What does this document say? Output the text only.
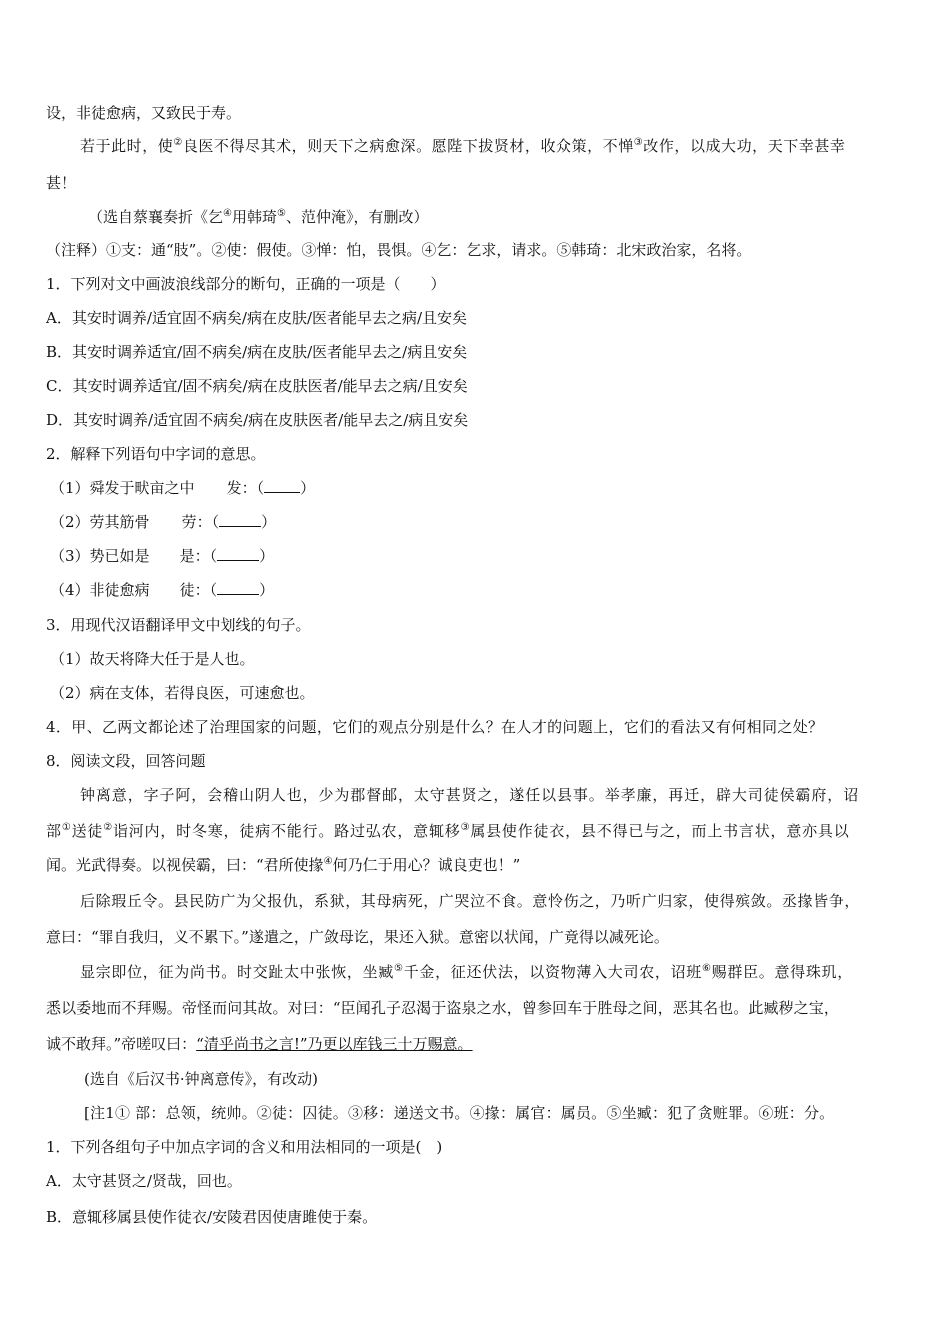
设，非徒愈病，又致民于寿。
若于此时，使②良医不得尽其术，则天下之病愈深。愿陛下拔贤材，收众策，不惮③改作，以成大功，天下幸甚幸
甚！
（选自蔡襄奏折《乞④用韩琦⑤、范仲淹》，有删改）
（注释）①支：通“肢”。②使：假使。③惮：怕，畏惧。④乞：乞求，请求。⑤韩琦：北宋政治家，名将。
1．下列对文中画波浪线部分的断句，正确的一项是（　　）
A．其安时调养/适宜固不病矣/病在皮肤/医者能早去之病/且安矣
B．其安时调养适宜/固不病矣/病在皮肤/医者能早去之/病且安矣
C．其安时调养适宜/固不病矣/病在皮肤医者/能早去之病/且安矣
D．其安时调养/适宜固不病矣/病在皮肤医者/能早去之/病且安矣
2．解释下列语句中字词的意思。
（1）舜发于畎亩之中 发：（ ）
（2）劳其筋骨 劳：（	）
（3）势已如是 是：（	）
（4）非徒愈病 徒：（	）
3．用现代汉语翻译甲文中划线的句子。
（1）故天将降大任于是人也。
（2）病在支体，若得良医，可速愈也。
4．甲、乙两文都论述了治理国家的问题，它们的观点分别是什么？在人才的问题上，它们的看法又有何相同之处？
8．阅读文段，回答问题
钟离意，字子阿，会稽山阴人也，少为郡督邮，太守甚贤之，遂任以县事。举孝廉，再迁，辟大司徒侯霸府，诏
部①送徒②诣河内，时冬寒，徒病不能行。路过弘农，意辄移③属县使作徒衣，县不得已与之，而上书言状，意亦具以
闻。光武得奏。以视侯霸，曰：“君所使掾④何乃仁于用心？诚良吏也！”
后除瑕丘令。县民防广为父报仇，系狱，其母病死，广哭泣不食。意怜伤之，乃听广归家，使得殡敛。丞掾皆争，
意曰：“罪自我归，义不累下。”遂遣之，广敛母讫，果还入狱。意密以状闻，广竟得以减死论。
显宗即位，征为尚书。时交趾太中张恢，坐臧⑤千金，征还伏法，以资物薄入大司农，诏班⑥赐群臣。意得珠玑，
悉以委地而不拜赐。帝怪而问其故。对曰：“臣闻孔子忍渴于盗泉之水，曾参回车于胜母之间，恶其名也。此臧秽之宝，
诚不敢拜。”帝嗟叹曰：“清乎尚书之言!”乃更以库钱三十万赐意。
(选自《后汉书·钟离意传》，有改动)
[注1① 部：总领，统帅。②徒：囚徒。③移：递送文书。④掾：属官：属员。⑤坐臧：犯了贪赃罪。⑥班：分。
1．下列各组句子中加点字词的含义和用法相同的一项是(　)
A．太守甚贤之/贤哉，回也。
B．意辄移属县使作徒衣/安陵君因使唐雎使于秦。
